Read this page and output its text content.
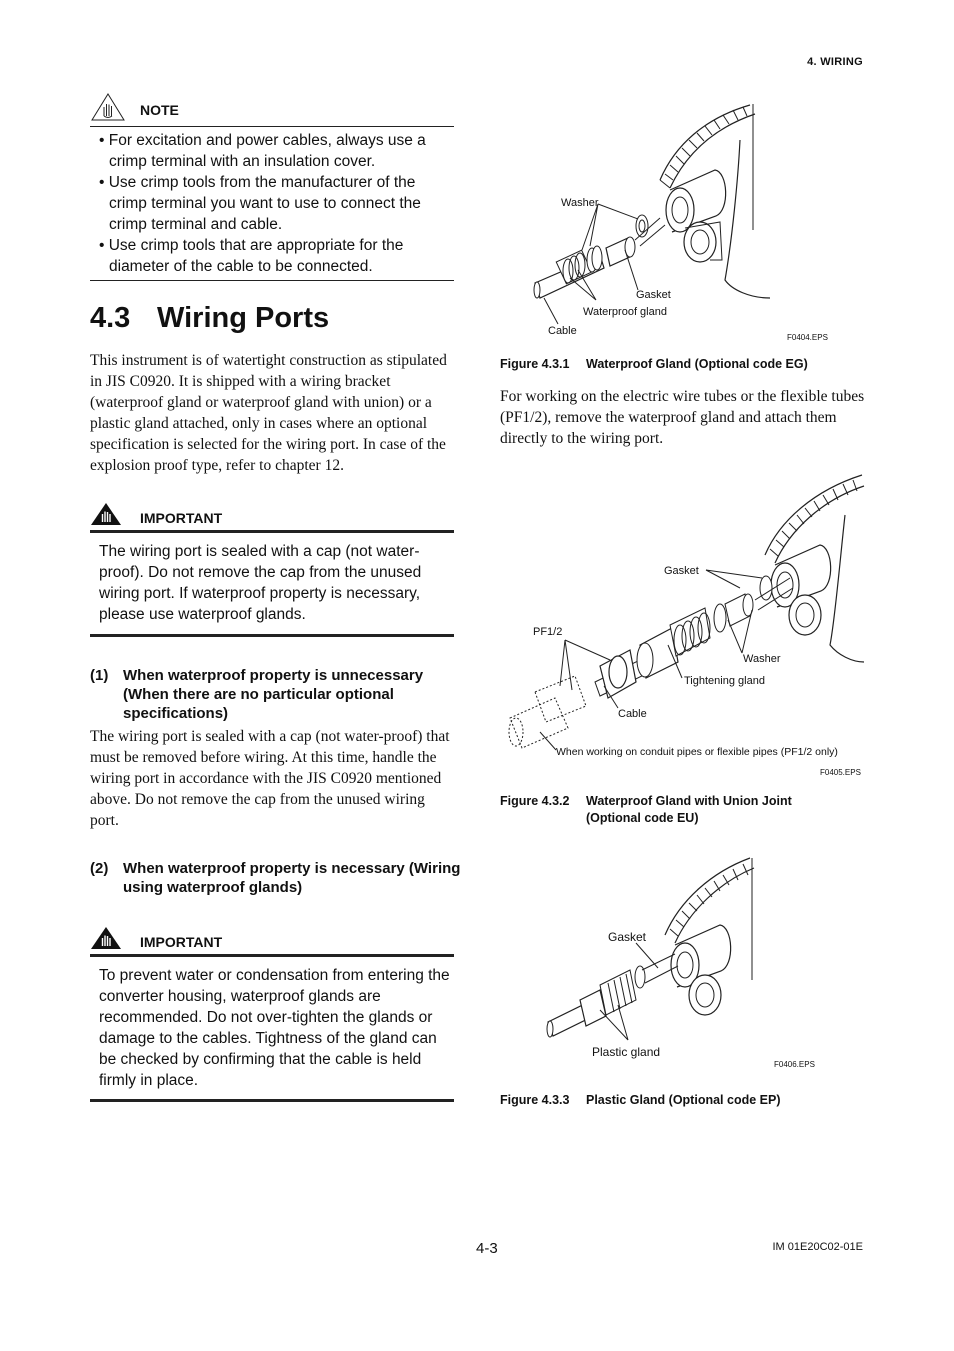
4. WIRING
NOTE
• For excitation and power cables, always use a crimp terminal with an insulation cover.
• Use crimp tools from the manufacturer of the crimp terminal you want to use to connect the crimp terminal and cable.
• Use crimp tools that are appropriate for the diameter of the cable to be connected.
4.3 Wiring Ports
This instrument is of watertight construction as stipulated in JIS C0920. It is shipped with a wiring bracket (waterproof gland or waterproof gland with union) or a plastic gland attached, only in cases where an optional specification is selected for the wiring port. In case of the explosion proof type, refer to chapter 12.
IMPORTANT
The wiring port is sealed with a cap (not water-proof). Do not remove the cap from the unused wiring port. If waterproof property is necessary, please use waterproof glands.
(1) When waterproof property is unnecessary (When there are no particular optional specifications)
The wiring port is sealed with a cap (not water-proof) that must be removed before wiring. At this time, handle the wiring port in accordance with the JIS C0920 mentioned above. Do not remove the cap from the unused wiring port.
(2) When waterproof property is necessary (Wiring using waterproof glands)
IMPORTANT
To prevent water or condensation from entering the converter housing, waterproof glands are recommended. Do not over-tighten the glands or damage to the cables. Tightness of the gland can be checked by confirming that the cable is held firmly in place.
Washer
Gasket
Waterproof gland
Cable
F0404.EPS
Figure 4.3.1 Waterproof Gland (Optional code EG)
For working on the electric wire tubes or the flexible tubes (PF1/2), remove the waterproof gland and attach them directly to the wiring port.
Gasket
PF1/2
Washer
Tightening gland
Cable
When working on conduit pipes or flexible pipes (PF1/2 only)
F0405.EPS
Figure 4.3.2 Waterproof Gland with Union Joint
(Optional code EU)
Gasket
Plastic gland
F0406.EPS
Figure 4.3.3 Plastic Gland (Optional code EP)
4-3	IM 01E20C02-01E
